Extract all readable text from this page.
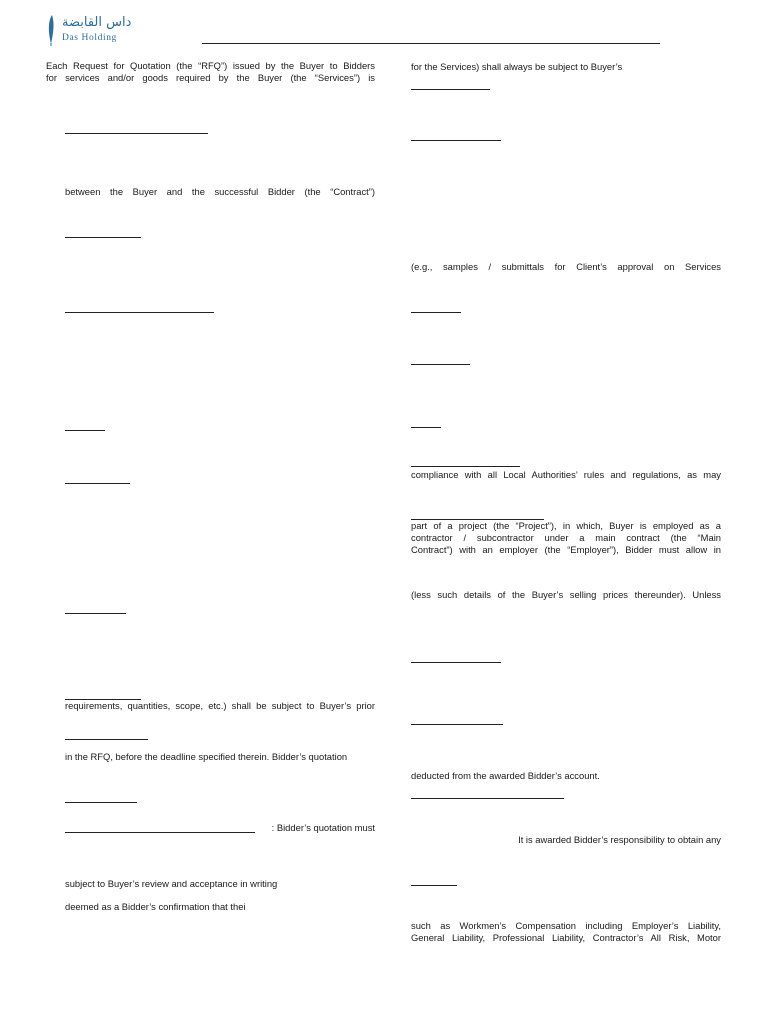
داس القابضة
Das Holding
Each Request for Quotation (the “RFQ”) issued by the Buyer to Bidders
for services and/or goods required by the Buyer (the “Services”) is
between the Buyer and the successful Bidder (the “Contract”)
requirements, quantities, scope, etc.) shall be subject to Buyer’s prior
in the RFQ, before the deadline specified therein. Bidder’s quotation
: Bidder’s quotation must
subject to Buyer’s review and acceptance in writing
deemed as a Bidder’s confirmation that thei
for the Services) shall always be subject to Buyer’s
(e.g., samples / submittals for Client’s approval on Services
compliance with all Local Authorities’ rules and regulations, as may
part of a project (the “Project”), in which, Buyer is employed as a
contractor / subcontractor under a main contract (the “Main
Contract”) with an employer (the “Employer”), Bidder must allow in
(less such details of the Buyer’s selling prices thereunder). Unless
deducted from the awarded Bidder’s account.
It is awarded Bidder’s responsibility to obtain any
such as Workmen’s Compensation including Employer’s Liability,
General Liability, Professional Liability, Contractor’s All Risk, Motor
